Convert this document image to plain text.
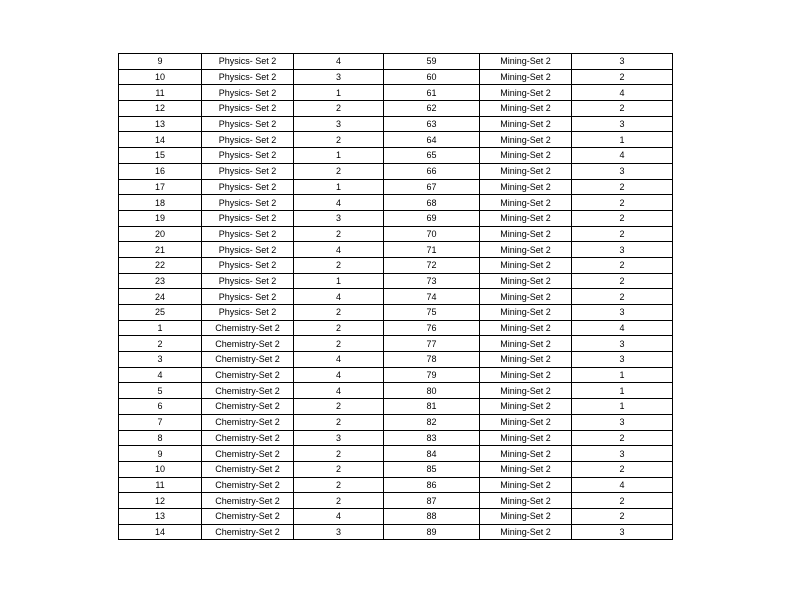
9	Physics- Set 2	4	59	Mining-Set 2	3
10	Physics- Set 2	3	60	Mining-Set 2	2
11	Physics- Set 2	1	61	Mining-Set 2	4
12	Physics- Set 2	2	62	Mining-Set 2	2
13	Physics- Set 2	3	63	Mining-Set 2	3
14	Physics- Set 2	2	64	Mining-Set 2	1
15	Physics- Set 2	1	65	Mining-Set 2	4
16	Physics- Set 2	2	66	Mining-Set 2	3
17	Physics- Set 2	1	67	Mining-Set 2	2
18	Physics- Set 2	4	68	Mining-Set 2	2
19	Physics- Set 2	3	69	Mining-Set 2	2
20	Physics- Set 2	2	70	Mining-Set 2	2
21	Physics- Set 2	4	71	Mining-Set 2	3
22	Physics- Set 2	2	72	Mining-Set 2	2
23	Physics- Set 2	1	73	Mining-Set 2	2
24	Physics- Set 2	4	74	Mining-Set 2	2
25	Physics- Set 2	2	75	Mining-Set 2	3
1	Chemistry-Set 2	2	76	Mining-Set 2	4
2	Chemistry-Set 2	2	77	Mining-Set 2	3
3	Chemistry-Set 2	4	78	Mining-Set 2	3
4	Chemistry-Set 2	4	79	Mining-Set 2	1
5	Chemistry-Set 2	4	80	Mining-Set 2	1
6	Chemistry-Set 2	2	81	Mining-Set 2	1
7	Chemistry-Set 2	2	82	Mining-Set 2	3
8	Chemistry-Set 2	3	83	Mining-Set 2	2
9	Chemistry-Set 2	2	84	Mining-Set 2	3
10	Chemistry-Set 2	2	85	Mining-Set 2	2
11	Chemistry-Set 2	2	86	Mining-Set 2	4
12	Chemistry-Set 2	2	87	Mining-Set 2	2
13	Chemistry-Set 2	4	88	Mining-Set 2	2
14	Chemistry-Set 2	3	89	Mining-Set 2	3
